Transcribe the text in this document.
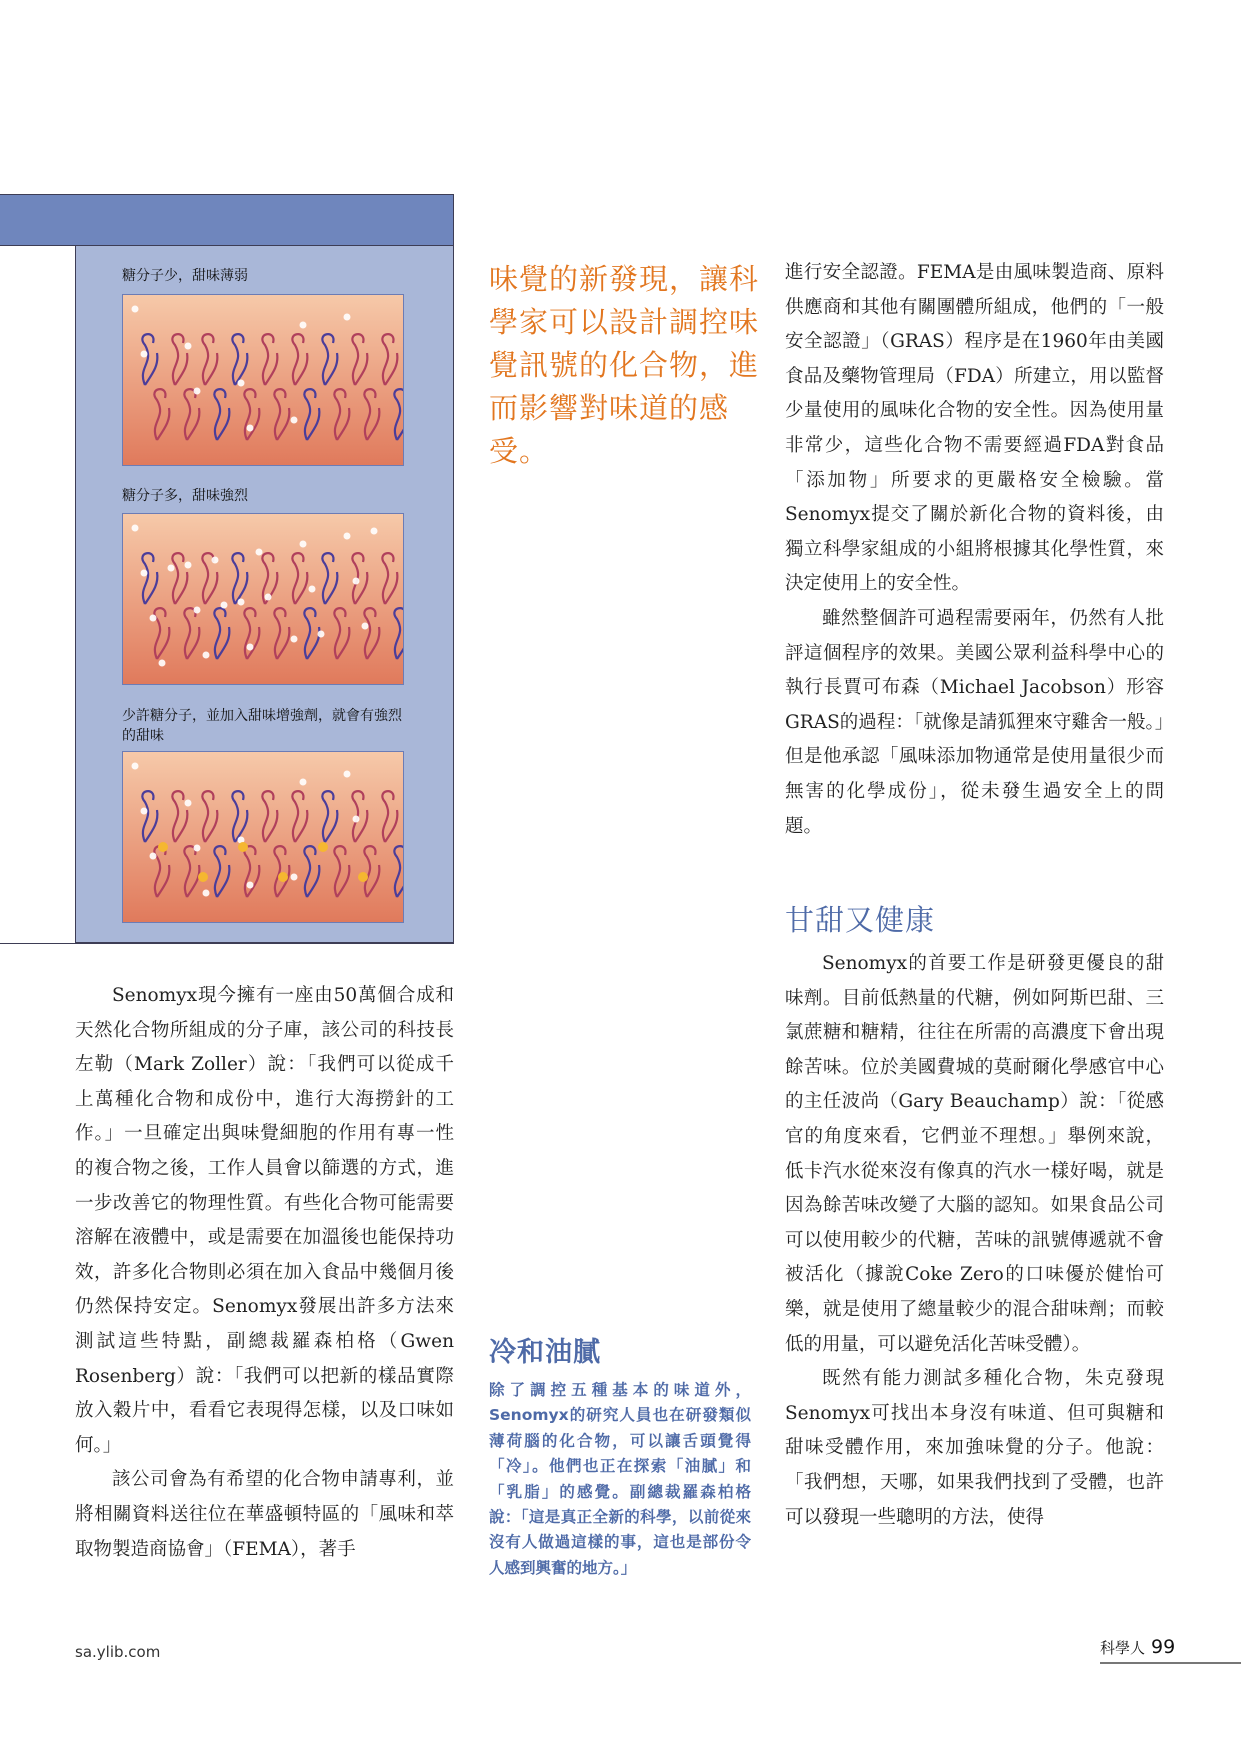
糖分子少，甜味薄弱
糖分子多，甜味強烈
少許糖分子，並加入甜味增強劑，就會有強烈的甜味
味覺的新發現，讓科學家可以設計調控味覺訊號的化合物，進而影響對味道的感受。

Senomyx現今擁有一座由50萬個合成和天然化合物所組成的分子庫，該公司的科技長左勒（Mark Zoller）說：「我們可以從成千上萬種化合物和成份中，進行大海撈針的工作。」一旦確定出與味覺細胞的作用有專一性的複合物之後，工作人員會以篩選的方式，進一步改善它的物理性質。有些化合物可能需要溶解在液體中，或是需要在加溫後也能保持功效，許多化合物則必須在加入食品中幾個月後仍然保持安定。Senomyx發展出許多方法來測試這些特點，副總裁羅森柏格（Gwen Rosenberg）說：「我們可以把新的樣品實際放入穀片中，看看它表現得怎樣，以及口味如何。」

該公司會為有希望的化合物申請專利，並將相關資料送往位在華盛頓特區的「風味和萃取物製造商協會」（FEMA），著手

進行安全認證。FEMA是由風味製造商、原料供應商和其他有關團體所組成，他們的「一般安全認證」（GRAS）程序是在1960年由美國食品及藥物管理局（FDA）所建立，用以監督少量使用的風味化合物的安全性。因為使用量非常少，這些化合物不需要經過FDA對食品「添加物」所要求的更嚴格安全檢驗。當Senomyx提交了關於新化合物的資料後，由獨立科學家組成的小組將根據其化學性質，來決定使用上的安全性。

雖然整個許可過程需要兩年，仍然有人批評這個程序的效果。美國公眾利益科學中心的執行長賈可布森（Michael Jacobson）形容GRAS的過程：「就像是請狐狸來守雞舍一般。」但是他承認「風味添加物通常是使用量很少而無害的化學成份」，從未發生過安全上的問題。

甘甜又健康

Senomyx的首要工作是研發更優良的甜味劑。目前低熱量的代糖，例如阿斯巴甜、三氯蔗糖和糖精，往往在所需的高濃度下會出現餘苦味。位於美國費城的莫耐爾化學感官中心的主任波尚（Gary Beauchamp）說：「從感官的角度來看，它們並不理想。」舉例來說，低卡汽水從來沒有像真的汽水一樣好喝，就是因為餘苦味改變了大腦的認知。如果食品公司可以使用較少的代糖，苦味的訊號傳遞就不會被活化（據說Coke Zero的口味優於健怡可樂，就是使用了總量較少的混合甜味劑；而較低的用量，可以避免活化苦味受體）。

既然有能力測試多種化合物，朱克發現Senomyx可找出本身沒有味道、但可與糖和甜味受體作用，來加強味覺的分子。他說：「我們想，天哪，如果我們找到了受體，也許可以發現一些聰明的方法，使得

冷和油膩
除了調控五種基本的味道外，Senomyx的研究人員也在研發類似薄荷腦的化合物，可以讓舌頭覺得「冷」。他們也正在探索「油膩」和「乳脂」的感覺。副總裁羅森柏格說：「這是真正全新的科學，以前從來沒有人做過這樣的事，這也是部份令人感到興奮的地方。」
sa.ylib.com	科學人 99
